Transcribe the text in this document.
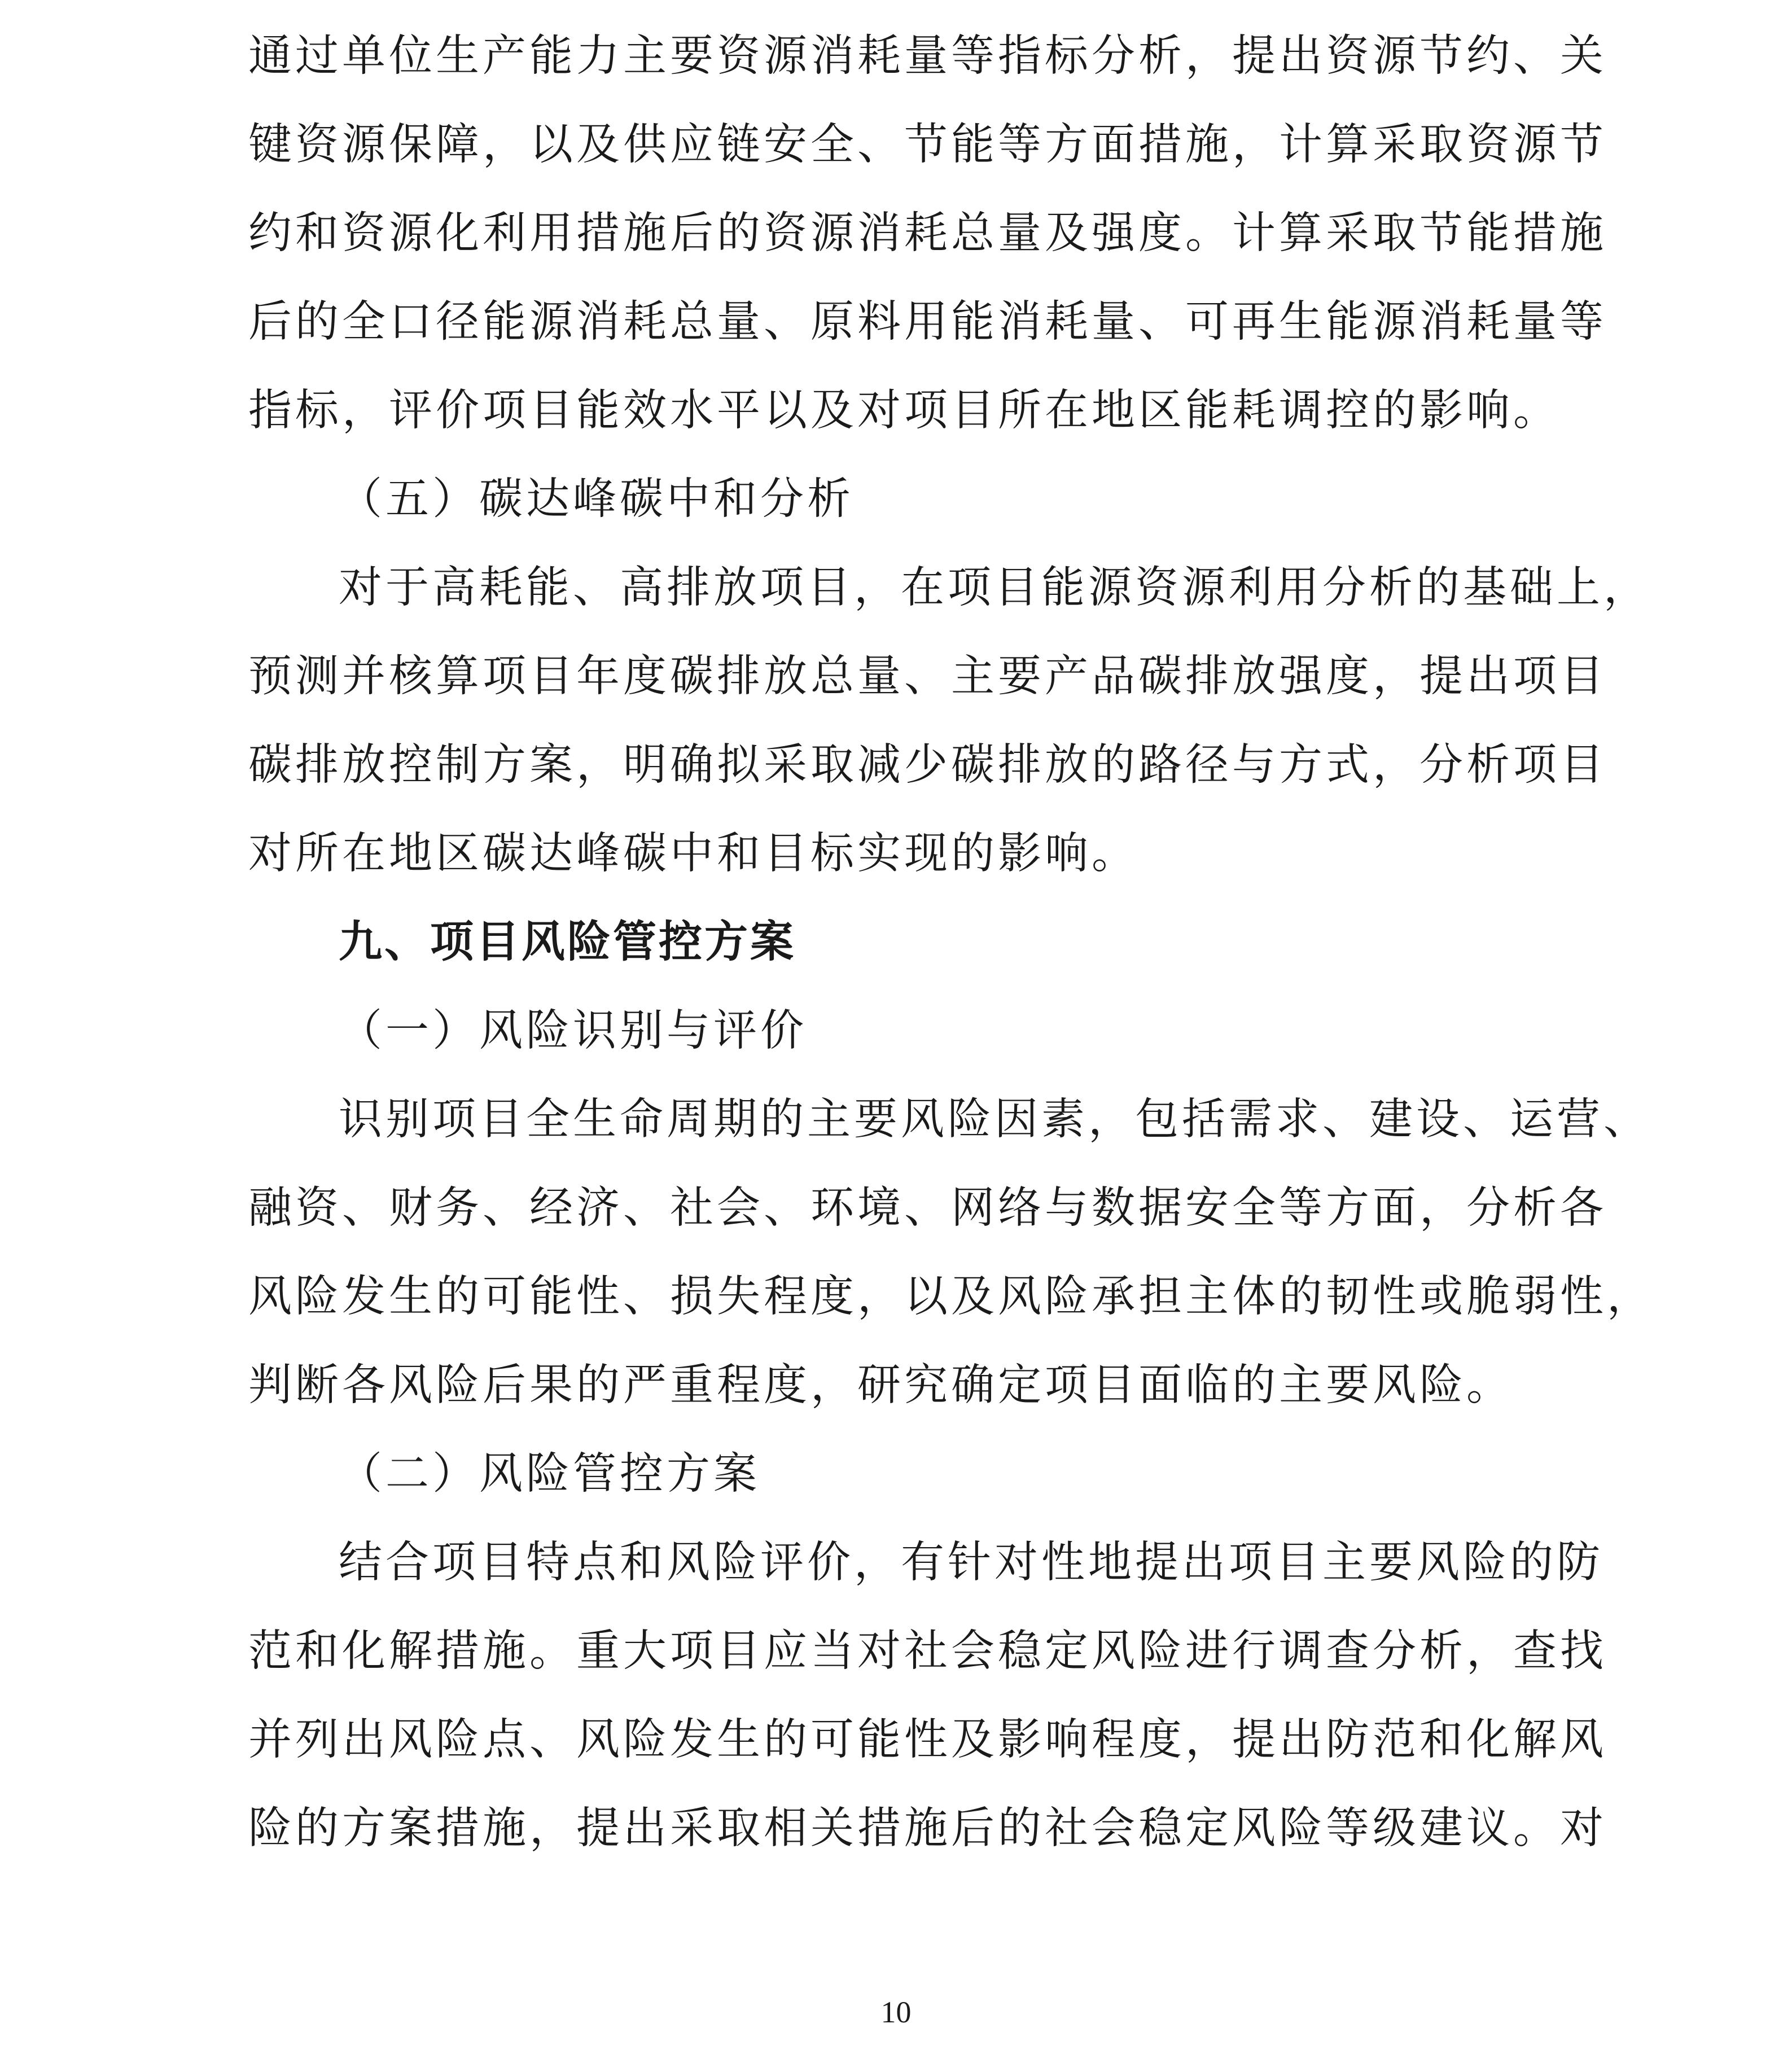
通过单位生产能力主要资源消耗量等指标分析，提出资源节约、关
键资源保障，以及供应链安全、节能等方面措施，计算采取资源节
约和资源化利用措施后的资源消耗总量及强度。计算采取节能措施
后的全口径能源消耗总量、原料用能消耗量、可再生能源消耗量等
指标，评价项目能效水平以及对项目所在地区能耗调控的影响。
（五）碳达峰碳中和分析
对于高耗能、高排放项目，在项目能源资源利用分析的基础上，
预测并核算项目年度碳排放总量、主要产品碳排放强度，提出项目
碳排放控制方案，明确拟采取减少碳排放的路径与方式，分析项目
对所在地区碳达峰碳中和目标实现的影响。
九、项目风险管控方案
（一）风险识别与评价
识别项目全生命周期的主要风险因素，包括需求、建设、运营、
融资、财务、经济、社会、环境、网络与数据安全等方面，分析各
风险发生的可能性、损失程度，以及风险承担主体的韧性或脆弱性，
判断各风险后果的严重程度，研究确定项目面临的主要风险。
（二）风险管控方案
结合项目特点和风险评价，有针对性地提出项目主要风险的防
范和化解措施。重大项目应当对社会稳定风险进行调查分析，查找
并列出风险点、风险发生的可能性及影响程度，提出防范和化解风
险的方案措施，提出采取相关措施后的社会稳定风险等级建议。对
10
